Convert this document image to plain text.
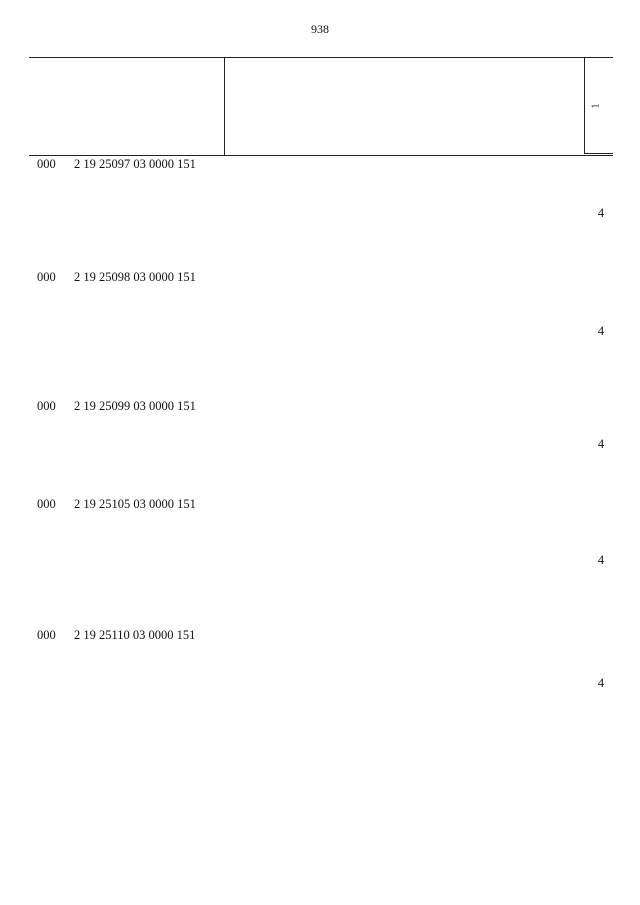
938
$^1$
000 2 19 25097 03 0000 151
4
000 2 19 25098 03 0000 151
4
000 2 19 25099 03 0000 151
4
000 2 19 25105 03 0000 151
4
000 2 19 25110 03 0000 151
4
